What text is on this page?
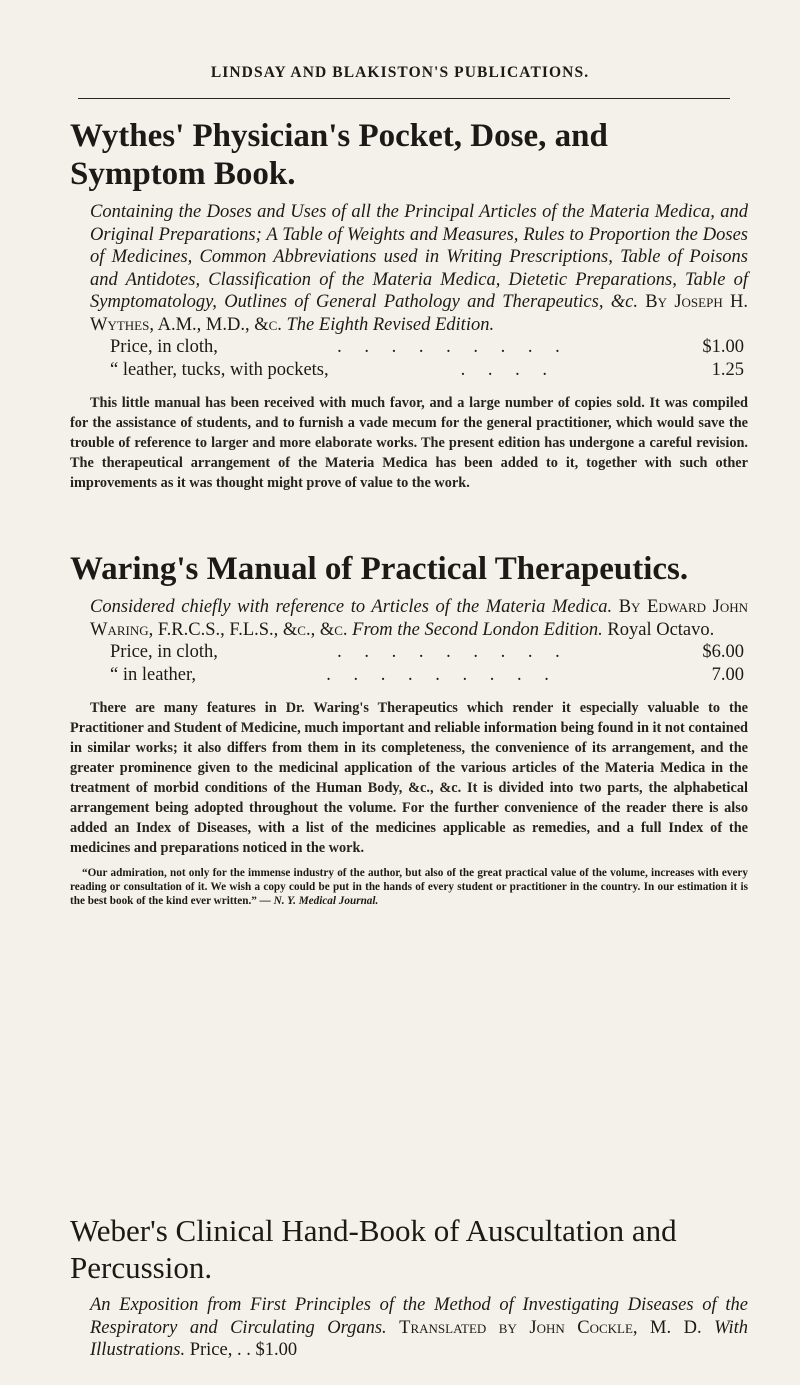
LINDSAY AND BLAKISTON'S PUBLICATIONS.
Wythes' Physician's Pocket, Dose, and Symptom Book.
Containing the Doses and Uses of all the Principal Articles of the Materia Medica, and Original Preparations; A Table of Weights and Measures, Rules to Proportion the Doses of Medicines, Common Abbreviations used in Writing Prescriptions, Table of Poisons and Antidotes, Classification of the Materia Medica, Dietetic Preparations, Table of Symptomatology, Outlines of General Pathology and Therapeutics, &c. By Joseph H. Wythes, A.M., M.D., &c. The Eighth Revised Edition.
Price, in cloth,	. . . . . . . . .	$1.00
“ leather, tucks, with pockets,	. . . .	1.25

This little manual has been received with much favor, and a large number of copies sold. It was compiled for the assistance of students, and to furnish a vade mecum for the general practitioner, which would save the trouble of reference to larger and more elaborate works. The present edition has undergone a careful revision. The therapeutical arrangement of the Materia Medica has been added to it, together with such other improvements as it was thought might prove of value to the work.

Waring's Manual of Practical Therapeutics.
Considered chiefly with reference to Articles of the Materia Medica. By Edward John Waring, F.R.C.S., F.L.S., &c., &c. From the Second London Edition. Royal Octavo.
Price, in cloth,	. . . . . . . . .	$6.00
“ in leather,	. . . . . . . . .	7.00

There are many features in Dr. Waring's Therapeutics which render it especially valuable to the Practitioner and Student of Medicine, much important and reliable information being found in it not contained in similar works; it also differs from them in its completeness, the convenience of its arrangement, and the greater prominence given to the medicinal application of the various articles of the Materia Medica in the treatment of morbid conditions of the Human Body, &c., &c. It is divided into two parts, the alphabetical arrangement being adopted throughout the volume. For the further convenience of the reader there is also added an Index of Diseases, with a list of the medicines applicable as remedies, and a full Index of the medicines and preparations noticed in the work.

“Our admiration, not only for the immense industry of the author, but also of the great practical value of the volume, increases with every reading or consultation of it. We wish a copy could be put in the hands of every student or practitioner in the country. In our estimation it is the best book of the kind ever written.” — N. Y. Medical Journal.

Weber's Clinical Hand-Book of Auscultation and Percussion.
An Exposition from First Principles of the Method of Investigating Diseases of the Respiratory and Circulating Organs. Translated by John Cockle, M. D. With Illustrations. Price, . . $1.00
